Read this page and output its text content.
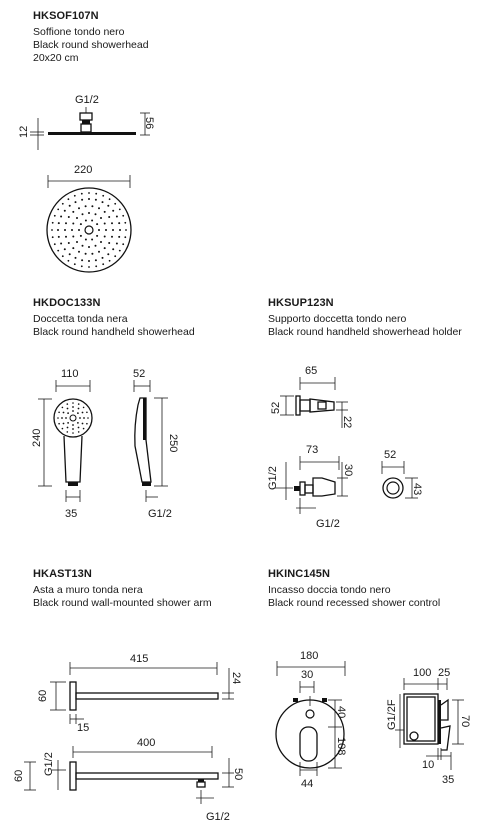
HKSOF107N

Soffione tondo nero

Black round showerhead

20x20 cm

HKDOC133N

Doccetta tonda nera

Black round handheld showerhead

HKSUP123N

Supporto doccetta tondo nero

Black round handheld showerhead holder

HKAST13N

Asta a muro tonda nera

Black round wall-mounted shower arm

HKINC145N

Incasso doccia tondo nero

Black round recessed shower control

G1/2
12
56
220
110
240
35
52
250
G1/2
65
52
22
73
G1/2	30
G1/2
52
43
415
60
24
15
400
G1/2
60	50
G1/2
180
30
40
108
44
100 25
G1/2F	70
10
35
